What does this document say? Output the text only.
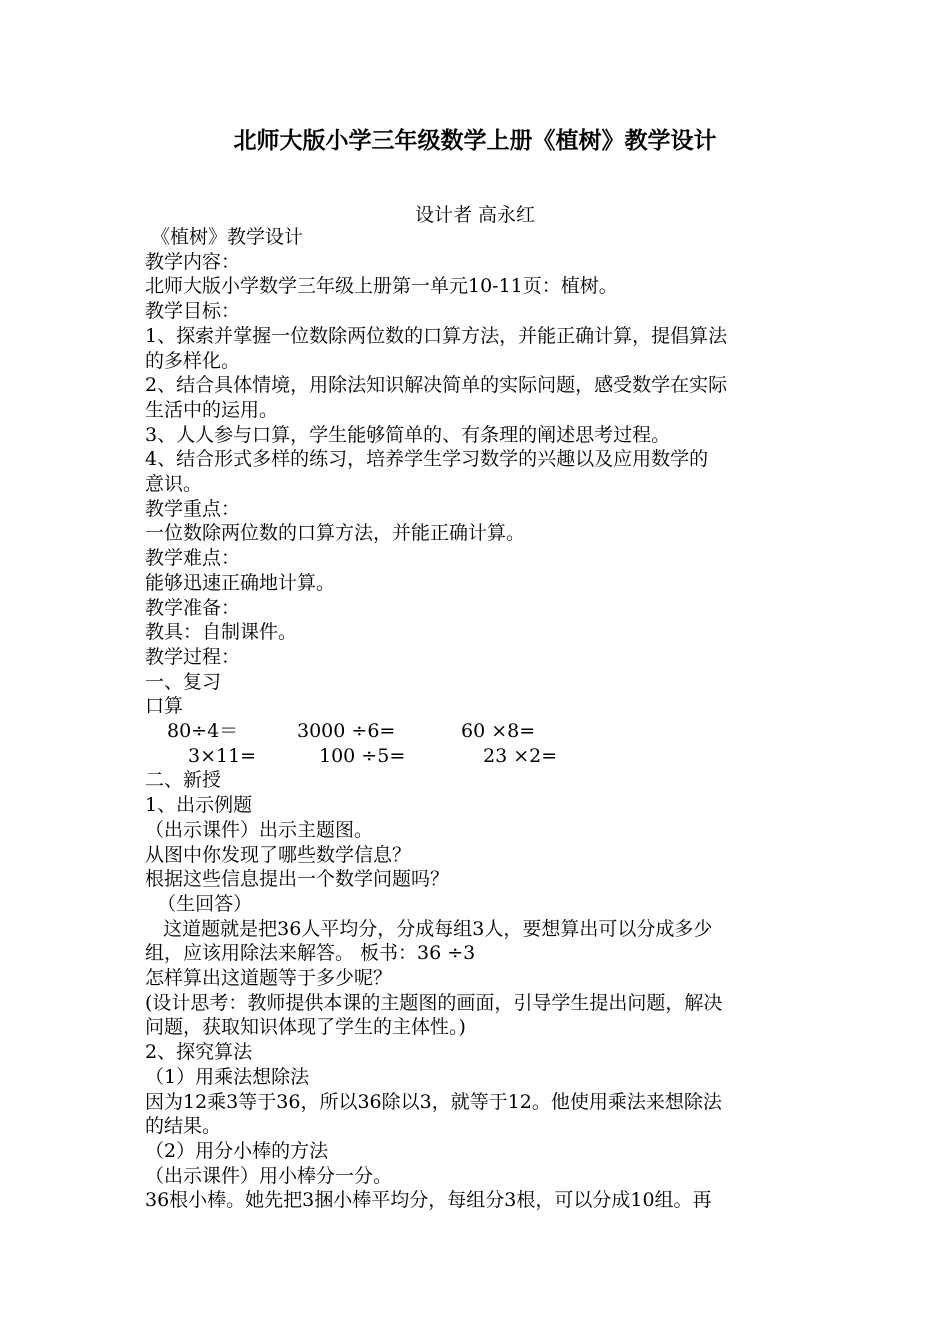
北师大版小学三年级数学上册《植树》教学设计
设计者 高永红

《植树》教学设计

教学内容：

北师大版小学数学三年级上册第一单元10-11页：植树。

教学目标：

1、探索并掌握一位数除两位数的口算方法，并能正确计算，提倡算法

的多样化。

2、结合具体情境，用除法知识解决简单的实际问题，感受数学在实际

生活中的运用。

3、人人参与口算，学生能够简单的、有条理的阐述思考过程。

4、结合形式多样的练习，培养学生学习数学的兴趣以及应用数学的

意识。

教学重点：

一位数除两位数的口算方法，并能正确计算。

教学难点：

能够迅速正确地计算。

教学准备：

教具：自制课件。

教学过程：

一、复习

口算

80÷4＝	3000 ÷6=	60 ×8=
3×11=	100 ÷5=	23 ×2=

二、新授

1、出示例题

（出示课件）出示主题图。

从图中你发现了哪些数学信息？

根据这些信息提出一个数学问题吗？

（生回答）

这道题就是把36人平均分，分成每组3人，要想算出可以分成多少

组，应该用除法来解答。 板书：36 ÷3

怎样算出这道题等于多少呢？

(设计思考：教师提供本课的主题图的画面，引导学生提出问题，解决

问题，获取知识体现了学生的主体性。)

2、探究算法

（1）用乘法想除法

因为12乘3等于36，所以36除以3，就等于12。他使用乘法来想除法

的结果。

（2）用分小棒的方法

（出示课件）用小棒分一分。

36根小棒。她先把3捆小棒平均分，每组分3根，可以分成10组。再
